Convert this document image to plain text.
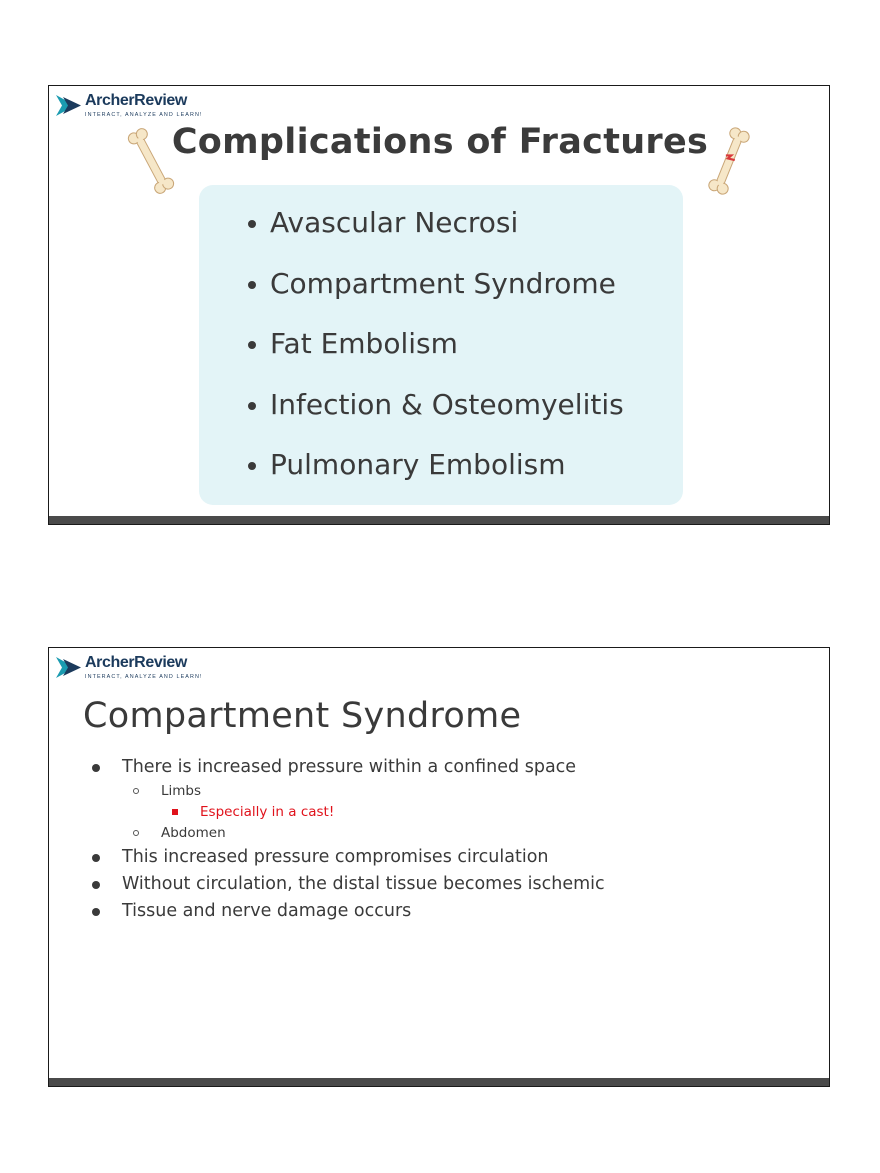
ArcherReview
INTERACT, ANALYZE AND LEARN!
Complications of Fractures
Avascular Necrosi
Compartment Syndrome
Fat Embolism
Infection & Osteomyelitis
Pulmonary Embolism
ArcherReview
INTERACT, ANALYZE AND LEARN!
Compartment Syndrome
There is increased pressure within a confined space
Limbs
Especially in a cast!
Abdomen
This increased pressure compromises circulation
Without circulation, the distal tissue becomes ischemic
Tissue and nerve damage occurs
